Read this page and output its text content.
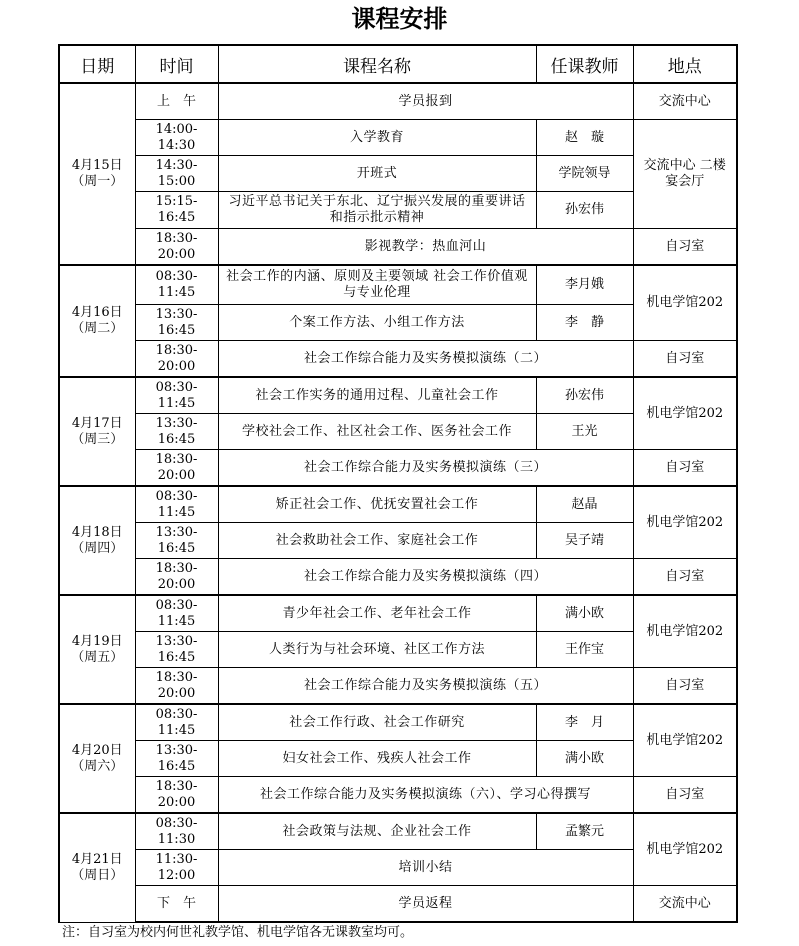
课程安排
日期	时间	课程名称	任课教师	地点

4月15日
（周一）	上　午	学员报到		交流中心
	14:00-14:30	入学教育	赵　璇	交流中心 二楼宴会厅
	14:30-15:00	开班式	学院领导	
	15:15-16:45	习近平总书记关于东北、辽宁振兴发展的重要讲话和指示批示精神	孙宏伟	
	18:30-20:00	影视教学：热血河山		自习室

4月16日
（周二）	08:30-11:45	社会工作的内涵、原则及主要领域 社会工作价值观与专业伦理	李月娥	机电学馆202
	13:30-16:45	个案工作方法、小组工作方法	李　静	
	18:30-20:00	社会工作综合能力及实务模拟演练（二）		自习室

4月17日
（周三）	08:30-11:45	社会工作实务的通用过程、儿童社会工作	孙宏伟	机电学馆202
	13:30-16:45	学校社会工作、社区社会工作、医务社会工作	王光	
	18:30-20:00	社会工作综合能力及实务模拟演练（三）		自习室

4月18日
（周四）	08:30-11:45	矫正社会工作、优抚安置社会工作	赵晶	机电学馆202
	13:30-16:45	社会救助社会工作、家庭社会工作	吴子靖	
	18:30-20:00	社会工作综合能力及实务模拟演练（四）		自习室

4月19日
（周五）	08:30-11:45	青少年社会工作、老年社会工作	满小欧	机电学馆202
	13:30-16:45	人类行为与社会环境、社区工作方法	王作宝	
	18:30-20:00	社会工作综合能力及实务模拟演练（五）		自习室

4月20日
（周六）	08:30-11:45	社会工作行政、社会工作研究	李　月	机电学馆202
	13:30-16:45	妇女社会工作、残疾人社会工作	满小欧	
	18:30-20:00	社会工作综合能力及实务模拟演练（六）、学习心得撰写		自习室

4月21日
（周日）	08:30-11:30	社会政策与法规、企业社会工作	孟繁元	机电学馆202
	11:30-12:00	培训小结		
	下　午	学员返程		交流中心
注：自习室为校内何世礼教学馆、机电学馆各无课教室均可。
